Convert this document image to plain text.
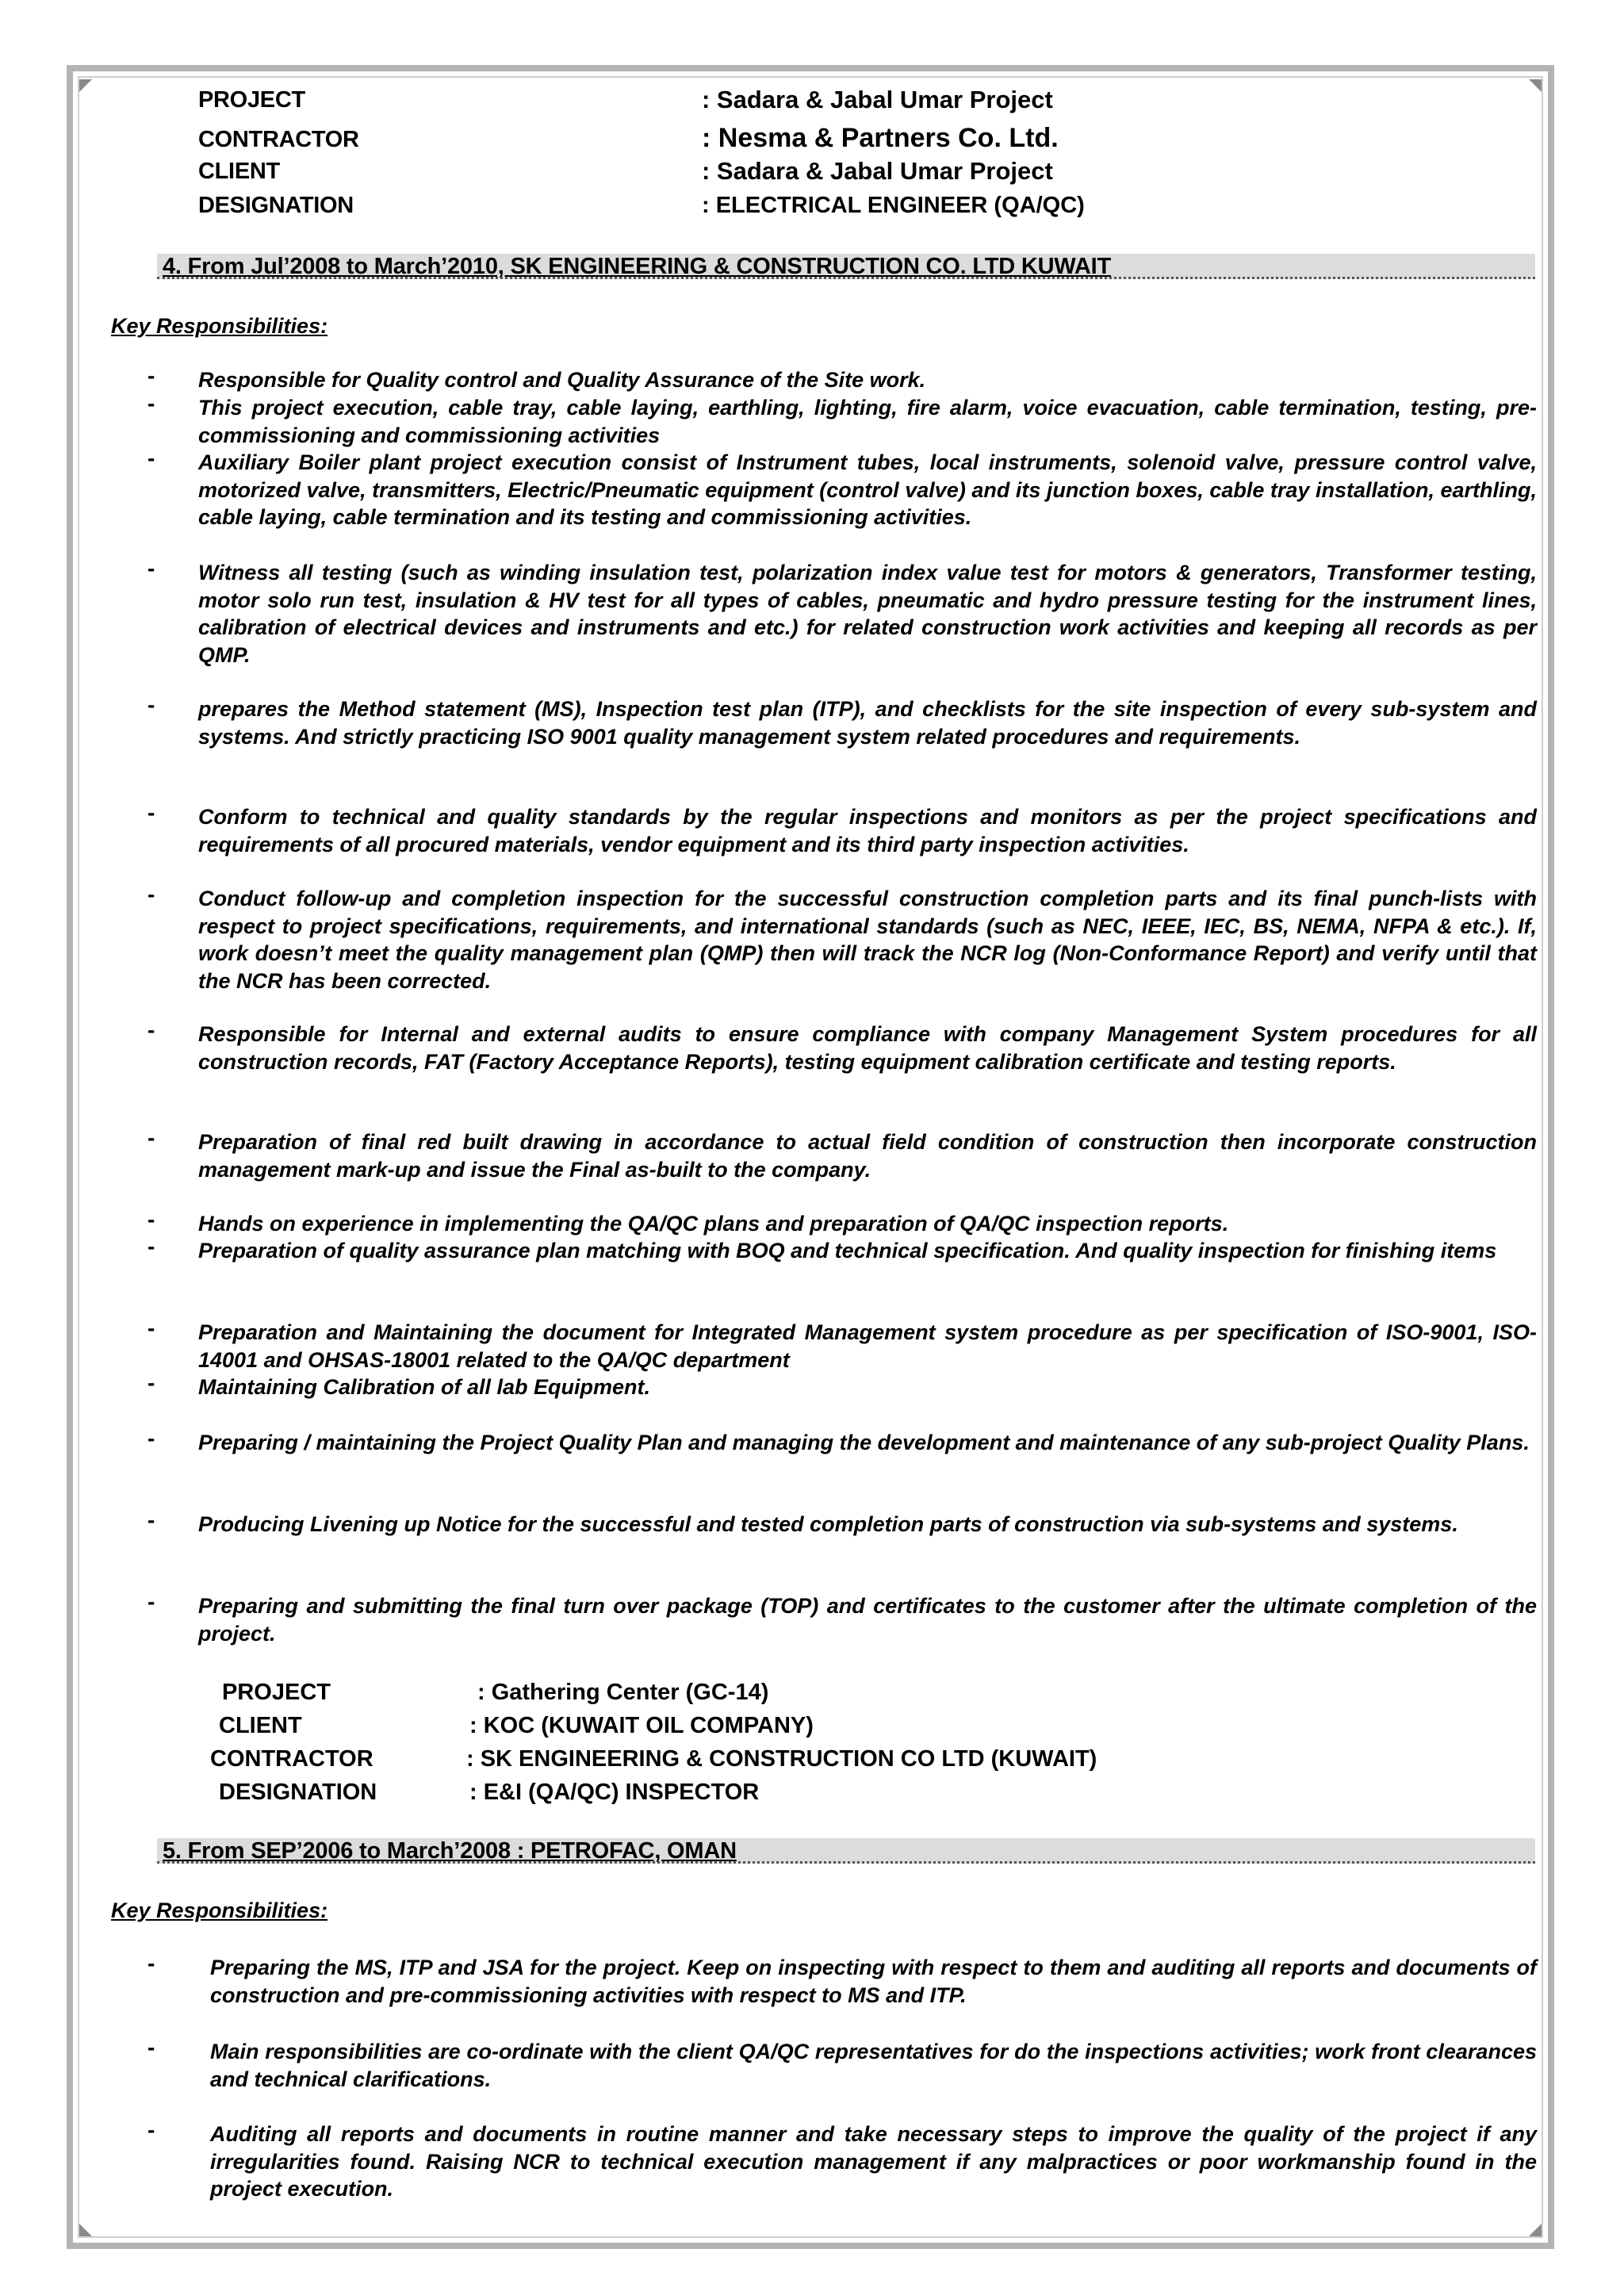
PROJECT	: Sadara & Jabal Umar Project
CONTRACTOR	: Nesma & Partners Co. Ltd.
CLIENT	: Sadara & Jabal Umar Project
DESIGNATION	: ELECTRICAL ENGINEER (QA/QC)
4. From Jul’2008 to March’2010, SK ENGINEERING & CONSTRUCTION CO. LTD KUWAIT
Key Responsibilities:
- Responsible for Quality control and Quality Assurance of the Site work.
- This project execution, cable tray, cable laying, earthling, lighting, fire alarm, voice evacuation, cable termination, testing, pre-commissioning and commissioning activities
- Auxiliary Boiler plant project execution consist of Instrument tubes, local instruments, solenoid valve, pressure control valve, motorized valve, transmitters, Electric/Pneumatic equipment (control valve) and its junction boxes, cable tray installation, earthling, cable laying, cable termination and its testing and commissioning activities.
- Witness all testing (such as winding insulation test, polarization index value test for motors & generators, Transformer testing, motor solo run test, insulation & HV test for all types of cables, pneumatic and hydro pressure testing for the instrument lines, calibration of electrical devices and instruments and etc.) for related construction work activities and keeping all records as per QMP.
- prepares the Method statement (MS), Inspection test plan (ITP), and checklists for the site inspection of every sub-system and systems. And strictly practicing ISO 9001 quality management system related procedures and requirements.
- Conform to technical and quality standards by the regular inspections and monitors as per the project specifications and requirements of all procured materials, vendor equipment and its third party inspection activities.
- Conduct follow-up and completion inspection for the successful construction completion parts and its final punch-lists with respect to project specifications, requirements, and international standards (such as NEC, IEEE, IEC, BS, NEMA, NFPA & etc.). If, work doesn’t meet the quality management plan (QMP) then will track the NCR log (Non-Conformance Report) and verify until that the NCR has been corrected.
- Responsible for Internal and external audits to ensure compliance with company Management System procedures for all construction records, FAT (Factory Acceptance Reports), testing equipment calibration certificate and testing reports.
- Preparation of final red built drawing in accordance to actual field condition of construction then incorporate construction management mark-up and issue the Final as-built to the company.
- Hands on experience in implementing the QA/QC plans and preparation of QA/QC inspection reports.
- Preparation of quality assurance plan matching with BOQ and technical specification. And quality inspection for finishing items
- Preparation and Maintaining the document for Integrated Management system procedure as per specification of ISO-9001, ISO-14001 and OHSAS-18001 related to the QA/QC department
- Maintaining Calibration of all lab Equipment.
- Preparing / maintaining the Project Quality Plan and managing the development and maintenance of any sub-project Quality Plans.
- Producing Livening up Notice for the successful and tested completion parts of construction via sub-systems and systems.
- Preparing and submitting the final turn over package (TOP) and certificates to the customer after the ultimate completion of the project.
PROJECT	: Gathering Center (GC-14)
CLIENT	: KOC (KUWAIT OIL COMPANY)
CONTRACTOR	: SK ENGINEERING & CONSTRUCTION CO LTD (KUWAIT)
DESIGNATION	: E&I (QA/QC) INSPECTOR
5. From SEP’2006 to March’2008 : PETROFAC, OMAN
Key Responsibilities:
-	Preparing the MS, ITP and JSA for the project. Keep on inspecting with respect to them and auditing all reports and documents of construction and pre-commissioning activities with respect to MS and ITP.
-	Main responsibilities are co-ordinate with the client QA/QC representatives for do the inspections activities; work front clearances and technical clarifications.
-	Auditing all reports and documents in routine manner and take necessary steps to improve the quality of the project if any irregularities found. Raising NCR to technical execution management if any malpractices or poor workmanship found in the project execution.
